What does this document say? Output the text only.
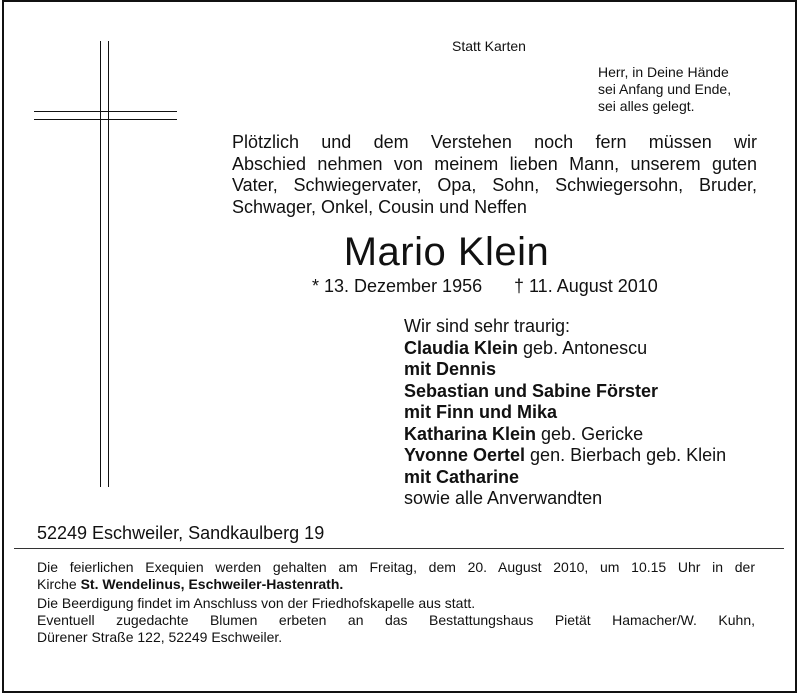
Statt Karten
Herr, in Deine Hände
sei Anfang und Ende,
sei alles gelegt.
Plötzlich und dem Verstehen noch fern müssen wir
Abschied nehmen von meinem lieben Mann, unserem guten
Vater, Schwiegervater, Opa, Sohn, Schwiegersohn, Bruder,
Schwager, Onkel, Cousin und Neffen
Mario Klein
* 13. Dezember 1956 † 11. August 2010
Wir sind sehr traurig:
Claudia Klein geb. Antonescu
mit Dennis
Sebastian und Sabine Förster
mit Finn und Mika
Katharina Klein geb. Gericke
Yvonne Oertel gen. Bierbach geb. Klein
mit Catharine
sowie alle Anverwandten
52249 Eschweiler, Sandkaulberg 19
Die feierlichen Exequien werden gehalten am Freitag, dem 20. August 2010, um 10.15 Uhr in der
Kirche St. Wendelinus, Eschweiler-Hastenrath.
Die Beerdigung findet im Anschluss von der Friedhofskapelle aus statt.
Eventuell zugedachte Blumen erbeten an das Bestattungshaus Pietät Hamacher/W. Kuhn,
Dürener Straße 122, 52249 Eschweiler.
